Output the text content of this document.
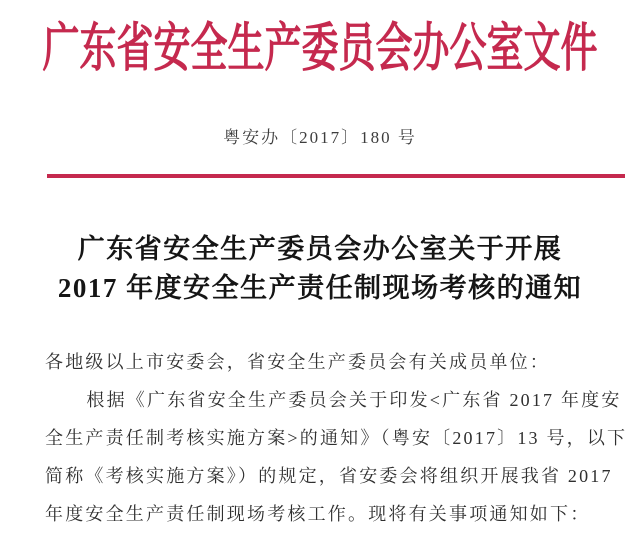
广东省安全生产委员会办公室文件
粤安办〔2017〕180 号
广东省安全生产委员会办公室关于开展
2017 年度安全生产责任制现场考核的通知
各地级以上市安委会，省安全生产委员会有关成员单位：
根据《广东省安全生产委员会关于印发<广东省 2017 年度安
全生产责任制考核实施方案>的通知》（粤安〔2017〕13 号，以下
简称《考核实施方案》）的规定，省安委会将组织开展我省 2017
年度安全生产责任制现场考核工作。现将有关事项通知如下：
